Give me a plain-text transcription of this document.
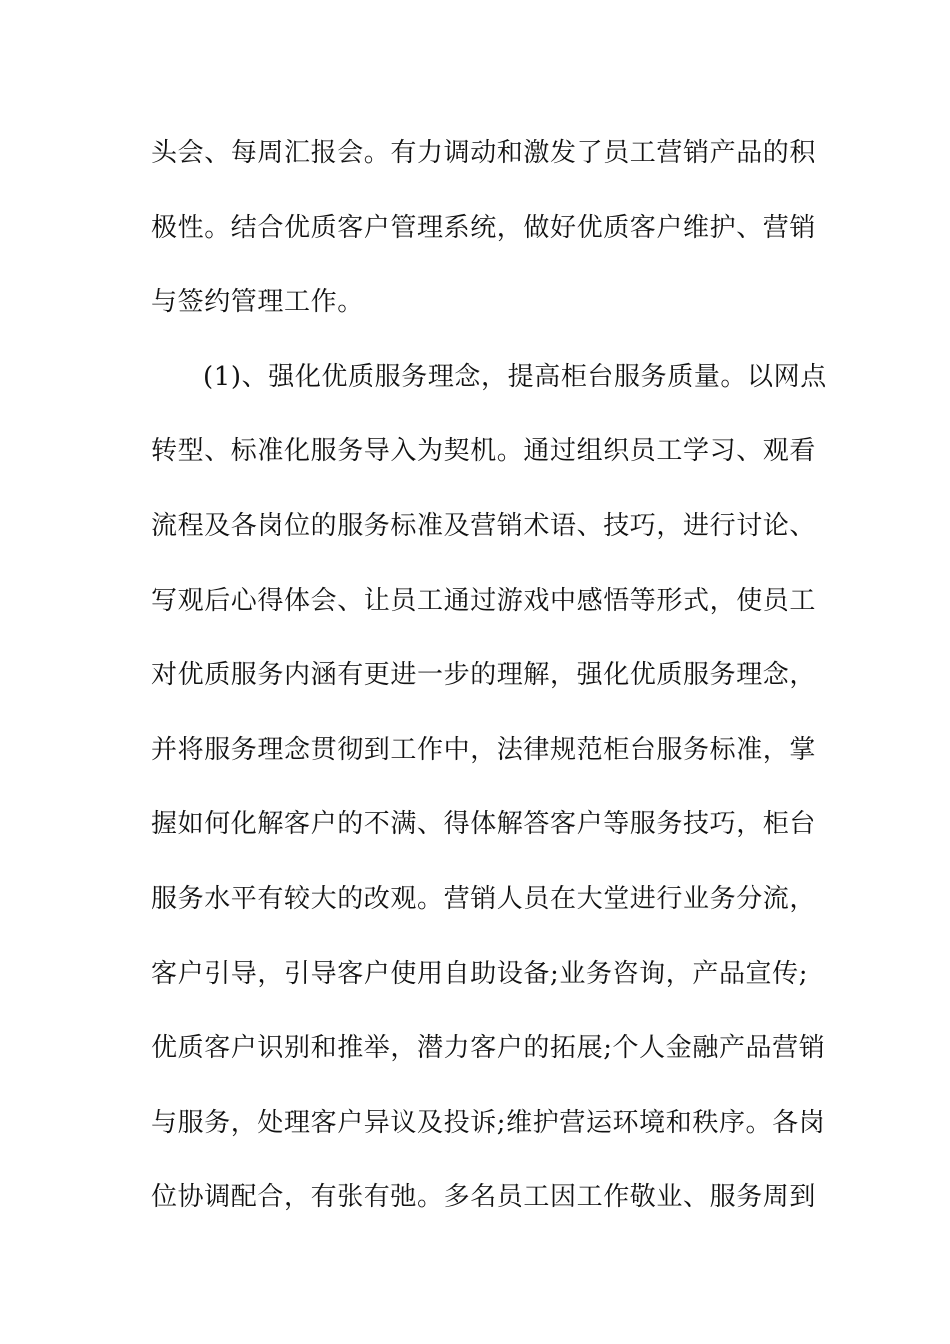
头会、每周汇报会。有力调动和激发了员工营销产品的积
极性。结合优质客户管理系统，做好优质客户维护、营销
与签约管理工作。
(1)、强化优质服务理念，提高柜台服务质量。以网点
转型、标准化服务导入为契机。通过组织员工学习、观看
流程及各岗位的服务标准及营销术语、技巧，进行讨论、
写观后心得体会、让员工通过游戏中感悟等形式，使员工
对优质服务内涵有更进一步的理解，强化优质服务理念，
并将服务理念贯彻到工作中，法律规范柜台服务标准，掌
握如何化解客户的不满、得体解答客户等服务技巧，柜台
服务水平有较大的改观。营销人员在大堂进行业务分流，
客户引导，引导客户使用自助设备;业务咨询，产品宣传;
优质客户识别和推举，潜力客户的拓展;个人金融产品营销
与服务，处理客户异议及投诉;维护营运环境和秩序。各岗
位协调配合，有张有弛。多名员工因工作敬业、服务周到
